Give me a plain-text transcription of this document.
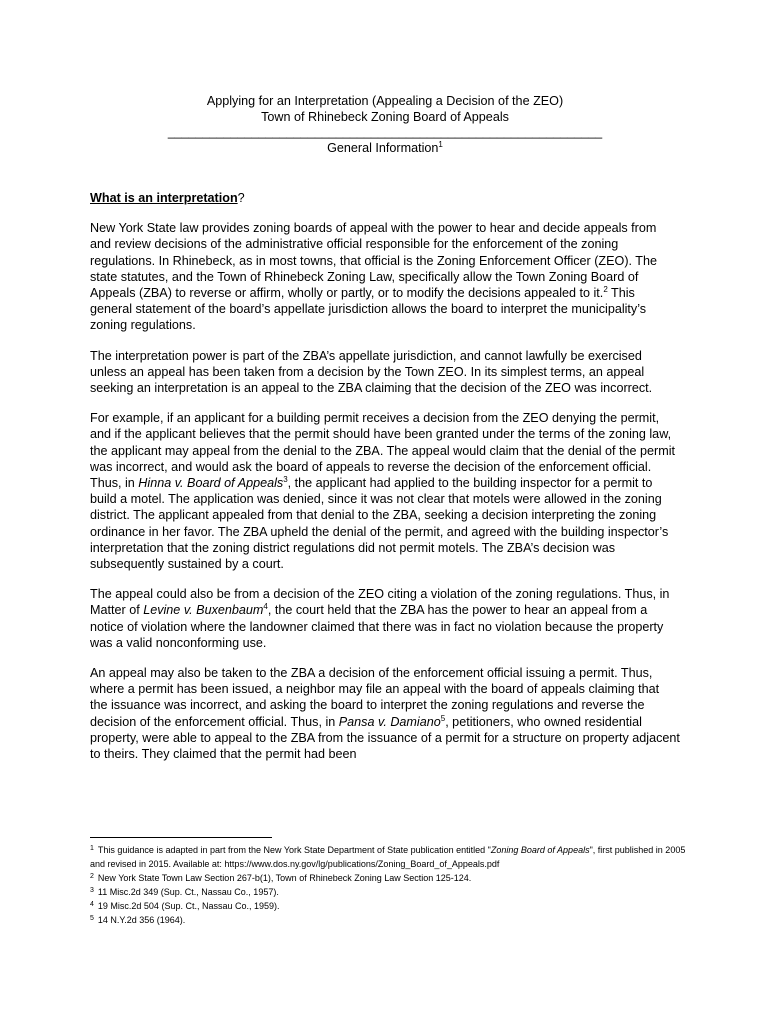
Applying for an Interpretation (Appealing a Decision of the ZEO)
Town of Rhinebeck Zoning Board of Appeals
______________________________________________________________
General Information$^1$
What is an interpretation?

New York State law provides zoning boards of appeal with the power to hear and decide appeals from and review decisions of the administrative official responsible for the enforcement of the zoning regulations. In Rhinebeck, as in most towns, that official is the Zoning Enforcement Officer (ZEO). The state statutes, and the Town of Rhinebeck Zoning Law, specifically allow the Town Zoning Board of Appeals (ZBA) to reverse or affirm, wholly or partly, or to modify the decisions appealed to it.$^2$ This general statement of the board’s appellate jurisdiction allows the board to interpret the municipality’s zoning regulations.

The interpretation power is part of the ZBA’s appellate jurisdiction, and cannot lawfully be exercised unless an appeal has been taken from a decision by the Town ZEO. In its simplest terms, an appeal seeking an interpretation is an appeal to the ZBA claiming that the decision of the ZEO was incorrect.

For example, if an applicant for a building permit receives a decision from the ZEO denying the permit, and if the applicant believes that the permit should have been granted under the terms of the zoning law, the applicant may appeal from the denial to the ZBA. The appeal would claim that the denial of the permit was incorrect, and would ask the board of appeals to reverse the decision of the enforcement official. Thus, in Hinna v. Board of Appeals$^3$, the applicant had applied to the building inspector for a permit to build a motel. The application was denied, since it was not clear that motels were allowed in the zoning district. The applicant appealed from that denial to the ZBA, seeking a decision interpreting the zoning ordinance in her favor. The ZBA upheld the denial of the permit, and agreed with the building inspector’s interpretation that the zoning district regulations did not permit motels. The ZBA’s decision was subsequently sustained by a court.

The appeal could also be from a decision of the ZEO citing a violation of the zoning regulations. Thus, in Matter of Levine v. Buxenbaum$^4$, the court held that the ZBA has the power to hear an appeal from a notice of violation where the landowner claimed that there was in fact no violation because the property was a valid nonconforming use.

An appeal may also be taken to the ZBA a decision of the enforcement official issuing a permit. Thus, where a permit has been issued, a neighbor may file an appeal with the board of appeals claiming that the issuance was incorrect, and asking the board to interpret the zoning regulations and reverse the decision of the enforcement official. Thus, in Pansa v. Damiano$^5$, petitioners, who owned residential property, were able to appeal to the ZBA from the issuance of a permit for a structure on property adjacent to theirs. They claimed that the permit had been

$^1$ This guidance is adapted in part from the New York State Department of State publication entitled "Zoning Board of Appeals", first published in 2005 and revised in 2015. Available at: https://www.dos.ny.gov/lg/publications/Zoning_Board_of_Appeals.pdf
$^2$ New York State Town Law Section 267-b(1), Town of Rhinebeck Zoning Law Section 125-124.
$^3$ 11 Misc.2d 349 (Sup. Ct., Nassau Co., 1957).
$^4$ 19 Misc.2d 504 (Sup. Ct., Nassau Co., 1959).
$^5$ 14 N.Y.2d 356 (1964).
